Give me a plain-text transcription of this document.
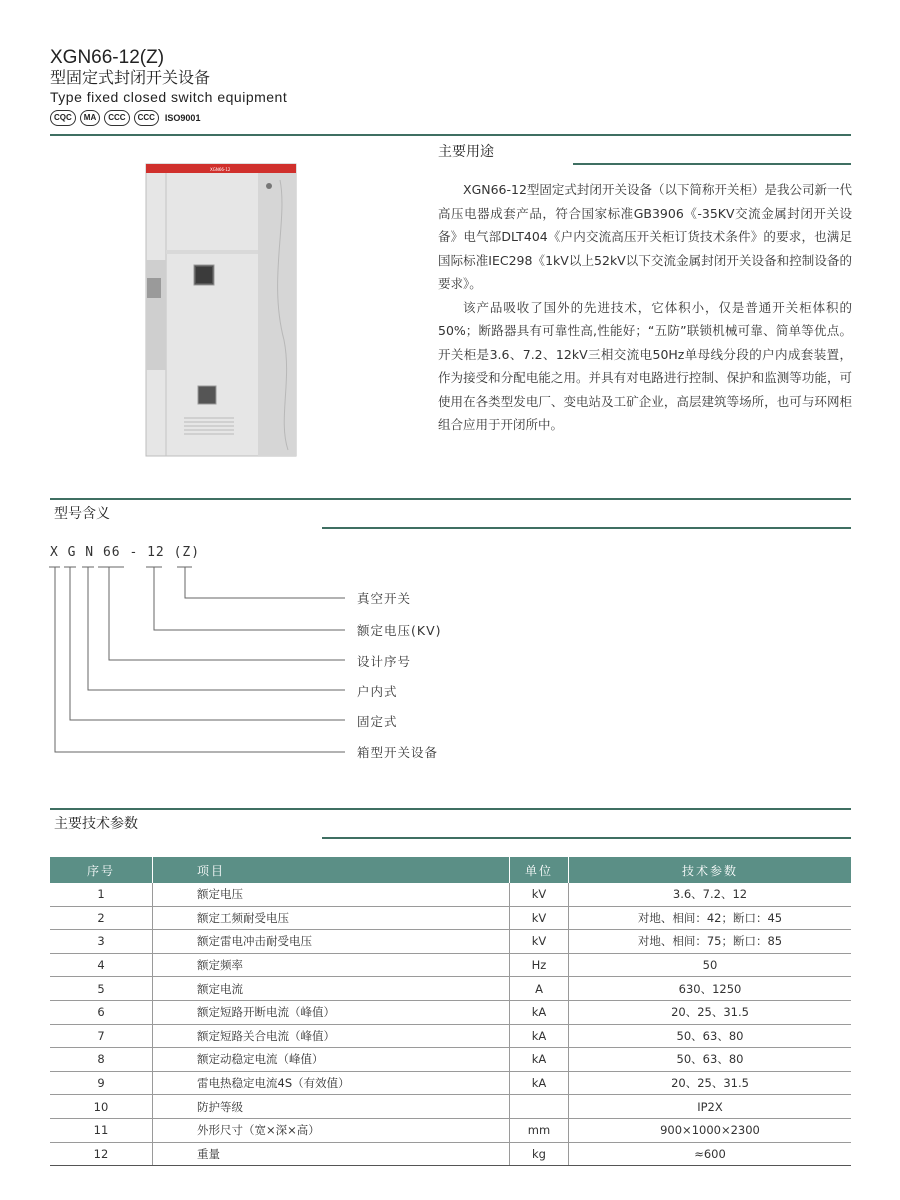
XGN66-12(Z)
型固定式封闭开关设备
Type fixed closed switch equipment
CQC	MA	CCC	CCC	ISO9001
主要用途
XGN66-12

XGN66-12型固定式封闭开关设备（以下简称开关柜）是我公司新一代高压电器成套产品，符合国家标准GB3906《-35KV交流金属封闭开关设备》电气部DLT404《户内交流高压开关柜订货技术条件》的要求，也满足国际标准IEC298《1kV以上52kV以下交流金属封闭开关设备和控制设备的要求》。

该产品吸收了国外的先进技术，它体积小，仅是普通开关柜体积的50%；断路器具有可靠性高,性能好；“五防”联锁机械可靠、简单等优点。开关柜是3.6、7.2、12kV三相交流电50Hz单母线分段的户内成套装置，作为接受和分配电能之用。并具有对电路进行控制、保护和监测等功能，可使用在各类型发电厂、变电站及工矿企业，高层建筑等场所，也可与环网柜组合应用于开闭所中。

型号含义
X G N 66 - 12 (Z)
真空开关
额定电压(KV)
设计序号
户内式
固定式
箱型开关设备
主要技术参数
序号	项目	单位	技术参数
1	额定电压	kV	3.6、7.2、12
2	额定工频耐受电压	kV	对地、相间：42；断口：45
3	额定雷电冲击耐受电压	kV	对地、相间：75；断口：85
4	额定频率	Hz	50
5	额定电流	A	630、1250
6	额定短路开断电流（峰值）	kA	20、25、31.5
7	额定短路关合电流（峰值）	kA	50、63、80
8	额定动稳定电流（峰值）	kA	50、63、80
9	雷电热稳定电流4S（有效值）	kA	20、25、31.5
10	防护等级		IP2X
11	外形尺寸（宽×深×高）	mm	900×1000×2300
12	重量	kg	≈600
